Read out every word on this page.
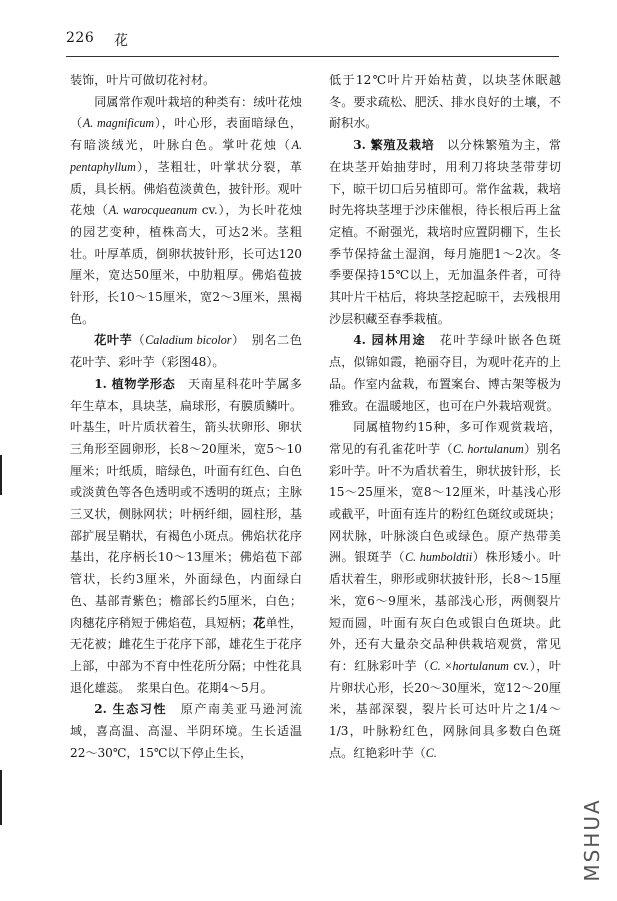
226 花

装饰，叶片可做切花衬材。

同属常作观叶栽培的种类有：绒叶花烛（A. magnificum），叶心形，表面暗绿色，有暗淡绒光，叶脉白色。掌叶花烛（A. pentaphyllum），茎粗壮，叶掌状分裂，革质，具长柄。佛焰苞淡黄色，披针形。观叶花烛（A. warocqueanum cv.），为长叶花烛的园艺变种，植株高大，可达2米。茎粗壮。叶厚革质，倒卵状披针形，长可达120厘米，宽达50厘米，中肋粗厚。佛焰苞披针形，长10～15厘米，宽2～3厘米，黑褐色。

花叶芋（Caladium bicolor）　别名二色花叶芋、彩叶芋（彩图48）。

1. 植物学形态　 天南星科花叶芋属多年生草本，具块茎，扁球形，有膜质鳞叶。叶基生，叶片质状着生，箭头状卵形、卵状三角形至圆卵形，长8～20厘米，宽5～10厘米；叶纸质，暗绿色，叶面有红色、白色或淡黄色等各色透明或不透明的斑点；主脉三叉状，侧脉网状；叶柄纤细，圆柱形，基部扩展呈鞘状，有褐色小斑点。佛焰状花序基出，花序柄长10～13厘米；佛焰苞下部管状，长约3厘米，外面绿色，内面绿白色、基部青紫色；檐部长约5厘米，白色；肉穗花序稍短于佛焰苞，具短柄；花单性，无花被；雌花生于花序下部，雄花生于花序上部，中部为不育中性花所分隔；中性花具退化雄蕊。　 浆果白色。花期4～5月。

2. 生态习性　 原产南美亚马逊河流域，喜高温、高湿、半阴环境。生长适温22～30℃，15℃以下停止生长，

低于12℃叶片开始枯黄，以块茎休眠越冬。要求疏松、肥沃、排水良好的土壤，不耐积水。

3. 繁殖及栽培　 以分株繁殖为主，常在块茎开始抽芽时，用利刀将块茎带芽切下，晾干切口后另植即可。常作盆栽，栽培时先将块茎埋于沙床催根，待长根后再上盆定植。不耐强光，栽培时应置阴棚下，生长季节保持盆土湿润，每月施肥1～2次。冬季要保持15℃以上，无加温条件者，可待其叶片干枯后，将块茎挖起晾干，去残根用沙层积藏至春季栽植。

4. 园林用途　 花叶芋绿叶嵌各色斑点，似锦如霞，艳丽夺目，为观叶花卉的上品。作室内盆栽，布置案台、博古架等极为雅致。在温暖地区，也可在户外栽培观赏。

同属植物约15种，多可作观赏栽培，常见的有孔雀花叶芋（C. hortulanum）别名彩叶芋。叶不为盾状着生，卵状披针形，长15～25厘米，宽8～12厘米，叶基浅心形或截平，叶面有连片的粉红色斑纹或斑块；网状脉，叶脉淡白色或绿色。原产热带美洲。银斑芋（C. humboldtii）株形矮小。叶盾状着生，卵形或卵状披针形，长8～15厘米，宽6～9厘米，基部浅心形，两侧裂片短而圆，叶面有灰白色或银白色斑块。此外，还有大量杂交品种供栽培观赏，常见有：红脉彩叶芋（C. ×hortulanum cv.），叶片卵状心形，长20～30厘米，宽12～20厘米，基部深裂，裂片长可达叶片之1/4～1/3，叶脉粉红色，网脉间具多数白色斑点。红艳彩叶芋（C.

MSHUA
